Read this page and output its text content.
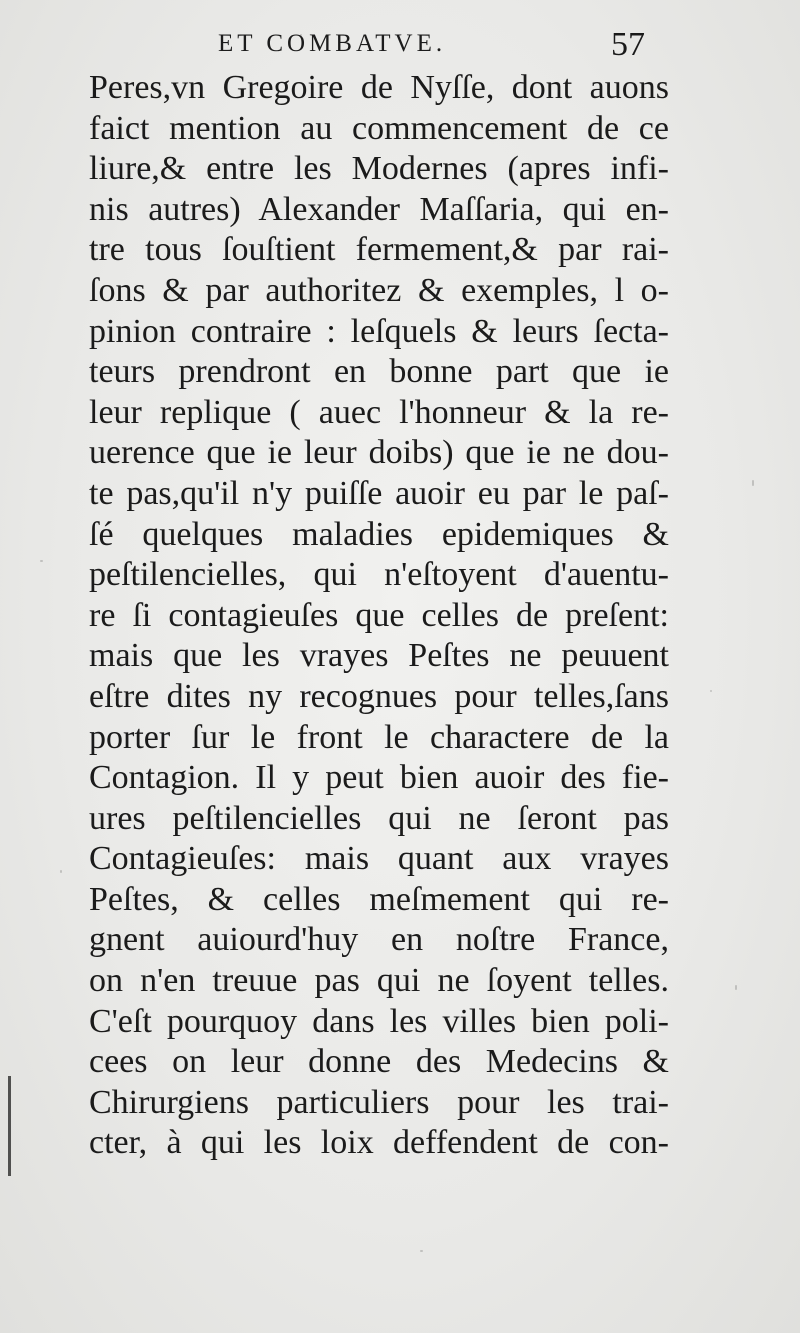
ET COMBATVE.	57
Peres,vn Gregoire de Nyſſe, dont auons
faict mention au commencement de ce
liure,& entre les Modernes (apres infi-
nis autres) Alexander Maſſaria, qui en-
tre tous ſouſtient fermement,& par rai-
ſons & par authoritez & exemples, l o-
pinion contraire : leſquels & leurs ſecta-
teurs prendront en bonne part que ie
leur replique ( auec l'honneur & la re-
uerence que ie leur doibs) que ie ne dou-
te pas,qu'il n'y puiſſe auoir eu par le paſ-
ſé quelques maladies epidemiques &
peſtilencielles, qui n'eſtoyent d'auentu-
re ſi contagieuſes que celles de preſent:
mais que les vrayes Peſtes ne peuuent
eſtre dites ny recognues pour telles,ſans
porter ſur le front le charactere de la
Contagion. Il y peut bien auoir des fie-
ures peſtilencielles qui ne ſeront pas
Contagieuſes: mais quant aux vrayes
Peſtes, & celles meſmement qui re-
gnent auiourd'huy en noſtre France,
on n'en treuue pas qui ne ſoyent telles.
C'eſt pourquoy dans les villes bien poli-
cees on leur donne des Medecins &
Chirurgiens particuliers pour les trai-
cter, à qui les loix deffendent de con-
